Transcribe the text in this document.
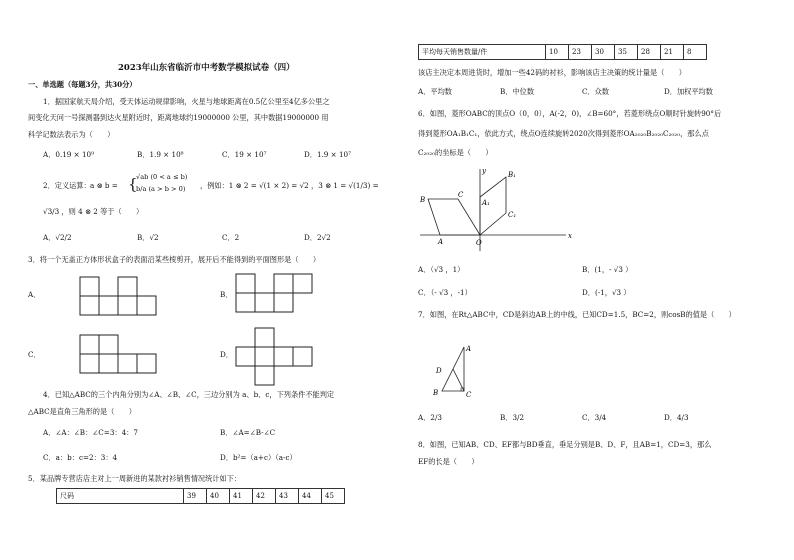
2023年山东省临沂市中考数学模拟试卷（四）
一、单选题（每题3分，共30分）
1．据国家航天局介绍，受天体运动规律影响，火星与地球距离在0.5亿公里至4亿多公里之
间变化天问一号探测器到达火星附近时，距离地球约19000000 公里，其中数据19000000 用
科学记数法表示为（　　）
A．0.19 × 10⁹	B．1.9 × 10⁸	C．19 × 10⁷	D．1.9 × 10⁷
2．定义运算： a ⊗ b = {
√ab (0 < a ≤ b)
b/a (a > b > 0) ，例如：1 ⊗ 2 = √(1 × 2) = √2 ，3 ⊗ 1 = √(1/3) =
√3/3 ，则 4 ⊗ 2 等于（　　）
A．√2/2	B．√2	C．2	D．2√2
3．将一个无盖正方体形状盒子的表面沿某些棱剪开，展开后不能得到的平面图形是（　　）
A．	B．
C．	D．
4．已知△ABC的三个内角分别为∠A、∠B、∠C，三边分别为 a、b、c，下列条件不能判定
△ABC是直角三角形的是（　　）
A．∠A：∠B：∠C=3：4：7	B．∠A=∠B-∠C
C．a：b：c=2：3：4	D．b²=（a+c）（a-c）
5．某品牌专营店店主对上一周新进的某款衬衫销售情况统计如下：
尺码	39	40	41	42	43	44	45
平均每天销售数量/件	10	23	30	35	28	21	8
该店主决定本周进货时，增加一些42码的衬衫，影响该店主决策的统计量是（　　）
A．平均数	B．中位数	C．众数	D．加权平均数
6．如图，菱形OABC的顶点O（0，0），A(-2，0)，∠B=60°，若菱形绕点O顺时针旋转90°后
得到菱形OA₁B₁C₁，依此方式，绕点O连续旋转2020次得到菱形OA₂₀₂₀B₂₀₂₀C₂₀₂₀，那么点
C₂₀₂₀的坐标是（　　）
B
C
A	O
B₁
A₁
C₁
x
y
A．（√3 ，1）	B．(1，- √3 ）
C．（- √3 ，-1）	D．(-1，√3 ）
7．如图，在Rt△ABC中，CD是斜边AB上的中线，已知CD=1.5，BC=2，则cosB的值是（　　）
A
D
B	C
A．2/3	B．3/2	C．3/4	D．4/3
8．如图，已知AB、CD、EF都与BD垂直，垂足分别是B、D、F，且AB=1，CD=3，那么
EF的长是（　　）
